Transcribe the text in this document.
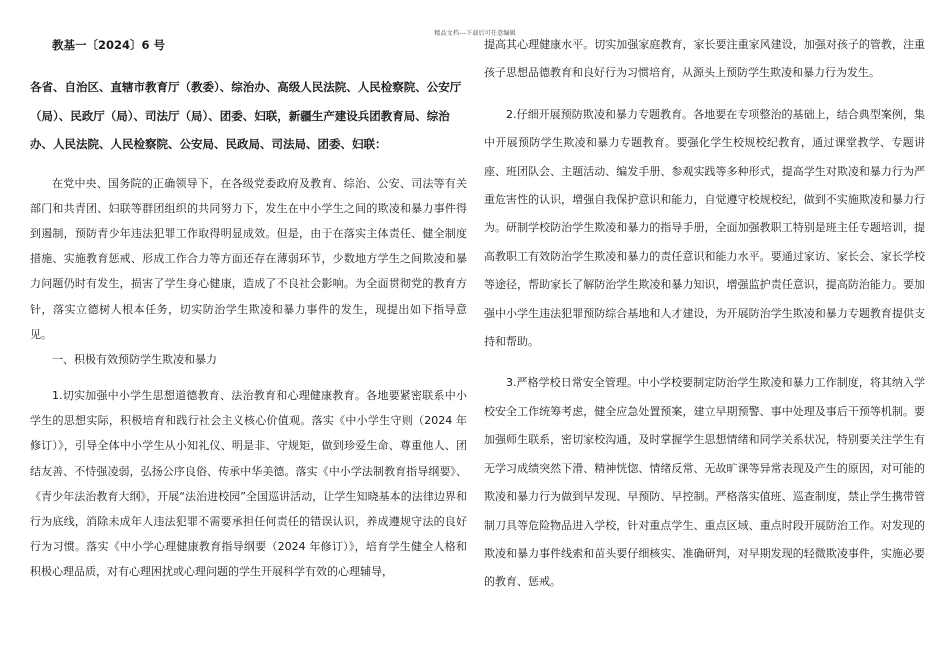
精品文档---下载后可任意编辑
教基一〔2024〕6 号

各省、自治区、直辖市教育厅（教委）、综治办、高级人民法院、人民检察院、公安厅（局）、民政厅（局）、司法厅（局）、团委、妇联，新疆生产建设兵团教育局、综治办、人民法院、人民检察院、公安局、民政局、司法局、团委、妇联：

在党中央、国务院的正确领导下，在各级党委政府及教育、综治、公安、司法等有关部门和共青团、妇联等群团组织的共同努力下，发生在中小学生之间的欺凌和暴力事件得到遏制，预防青少年违法犯罪工作取得明显成效。但是，由于在落实主体责任、健全制度措施、实施教育惩戒、形成工作合力等方面还存在薄弱环节，少数地方学生之间欺凌和暴力问题仍时有发生，损害了学生身心健康，造成了不良社会影响。为全面贯彻党的教育方针，落实立德树人根本任务，切实防治学生欺凌和暴力事件的发生，现提出如下指导意见。

一、积极有效预防学生欺凌和暴力

1.切实加强中小学生思想道德教育、法治教育和心理健康教育。各地要紧密联系中小学生的思想实际，积极培育和践行社会主义核心价值观。落实《中小学生守则（2024 年修订）》，引导全体中小学生从小知礼仪、明是非、守规矩，做到珍爱生命、尊重他人、团结友善、不恃强凌弱，弘扬公序良俗、传承中华美德。落实《中小学法制教育指导纲要》、《青少年法治教育大纲》，开展“法治进校园”全国巡讲活动，让学生知晓基本的法律边界和行为底线，消除未成年人违法犯罪不需要承担任何责任的错误认识，养成遵规守法的良好行为习惯。落实《中小学心理健康教育指导纲要（2024 年修订）》，培育学生健全人格和积极心理品质，对有心理困扰或心理问题的学生开展科学有效的心理辅导，

提高其心理健康水平。切实加强家庭教育，家长要注重家风建设，加强对孩子的管教，注重孩子思想品德教育和良好行为习惯培育，从源头上预防学生欺凌和暴力行为发生。

2.仔细开展预防欺凌和暴力专题教育。各地要在专项整治的基础上，结合典型案例，集中开展预防学生欺凌和暴力专题教育。要强化学生校规校纪教育，通过课堂教学、专题讲座、班团队会、主题活动、编发手册、参观实践等多种形式，提高学生对欺凌和暴力行为严重危害性的认识，增强自我保护意识和能力，自觉遵守校规校纪，做到不实施欺凌和暴力行为。研制学校防治学生欺凌和暴力的指导手册，全面加强教职工特别是班主任专题培训，提高教职工有效防治学生欺凌和暴力的责任意识和能力水平。要通过家访、家长会、家长学校等途径，帮助家长了解防治学生欺凌和暴力知识，增强监护责任意识，提高防治能力。要加强中小学生违法犯罪预防综合基地和人才建设，为开展防治学生欺凌和暴力专题教育提供支持和帮助。

3.严格学校日常安全管理。中小学校要制定防治学生欺凌和暴力工作制度，将其纳入学校安全工作统筹考虑，健全应急处置预案，建立早期预警、事中处理及事后干预等机制。要加强师生联系，密切家校沟通，及时掌握学生思想情绪和同学关系状况，特别要关注学生有无学习成绩突然下滑、精神恍惚、情绪反常、无故旷课等异常表现及产生的原因，对可能的欺凌和暴力行为做到早发现、早预防、早控制。严格落实值班、巡查制度，禁止学生携带管制刀具等危险物品进入学校，针对重点学生、重点区域、重点时段开展防治工作。对发现的欺凌和暴力事件线索和苗头要仔细核实、准确研判，对早期发现的轻微欺凌事件，实施必要的教育、惩戒。
